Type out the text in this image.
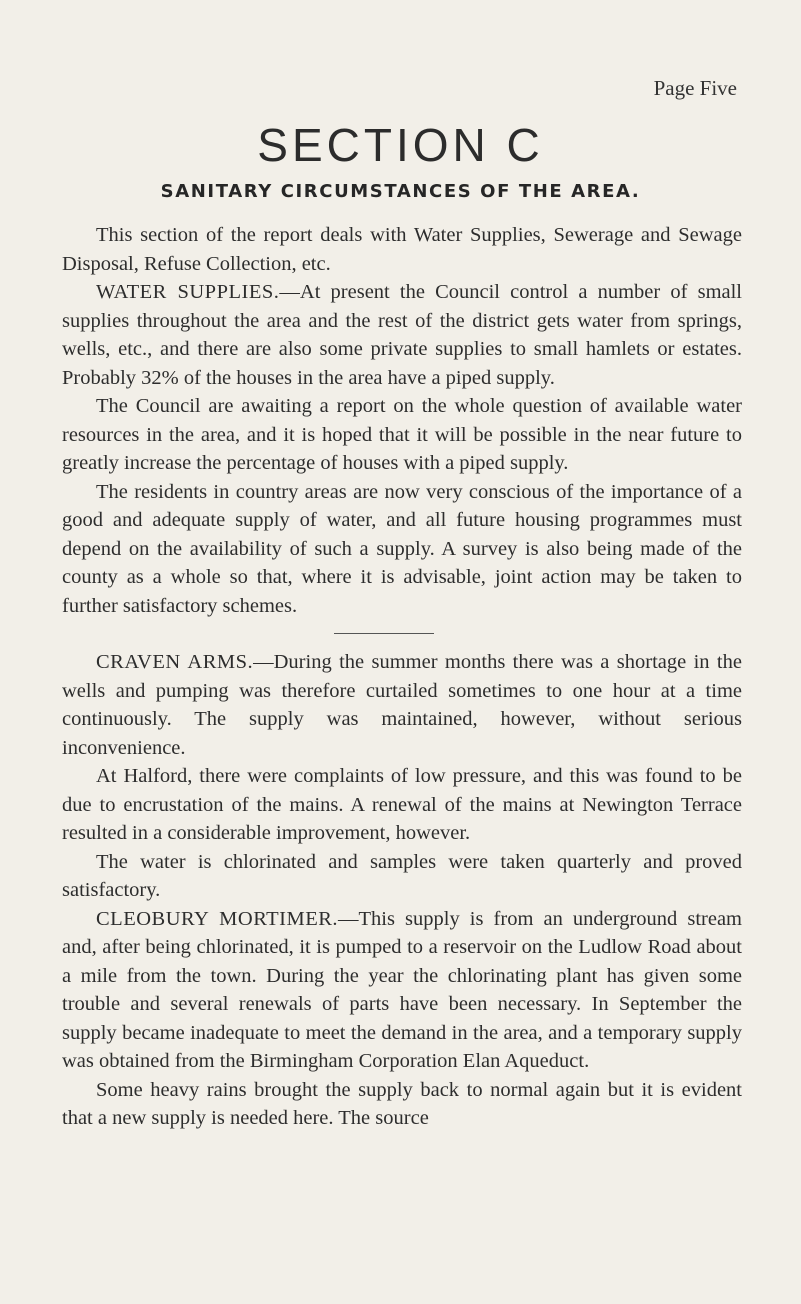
Page Five
SECTION C
SANITARY CIRCUMSTANCES OF THE AREA.

This section of the report deals with Water Supplies, Sewerage and Sewage Disposal, Refuse Collection, etc.

WATER SUPPLIES.—At present the Council control a number of small supplies throughout the area and the rest of the district gets water from springs, wells, etc., and there are also some private supplies to small hamlets or estates. Probably 32% of the houses in the area have a piped supply.

The Council are awaiting a report on the whole question of available water resources in the area, and it is hoped that it will be possible in the near future to greatly increase the percentage of houses with a piped supply.

The residents in country areas are now very conscious of the importance of a good and adequate supply of water, and all future housing programmes must depend on the availability of such a supply. A survey is also being made of the county as a whole so that, where it is advisable, joint action may be taken to further satisfactory schemes.

CRAVEN ARMS.—During the summer months there was a shortage in the wells and pumping was therefore curtailed sometimes to one hour at a time continuously. The supply was maintained, however, without serious inconvenience.

At Halford, there were complaints of low pressure, and this was found to be due to encrustation of the mains. A renewal of the mains at Newington Terrace resulted in a considerable improvement, however.

The water is chlorinated and samples were taken quarterly and proved satisfactory.

CLEOBURY MORTIMER.—This supply is from an underground stream and, after being chlorinated, it is pumped to a reservoir on the Ludlow Road about a mile from the town. During the year the chlorinating plant has given some trouble and several renewals of parts have been necessary. In September the supply became inadequate to meet the demand in the area, and a temporary supply was obtained from the Birmingham Corporation Elan Aqueduct.

Some heavy rains brought the supply back to normal again but it is evident that a new supply is needed here. The source
